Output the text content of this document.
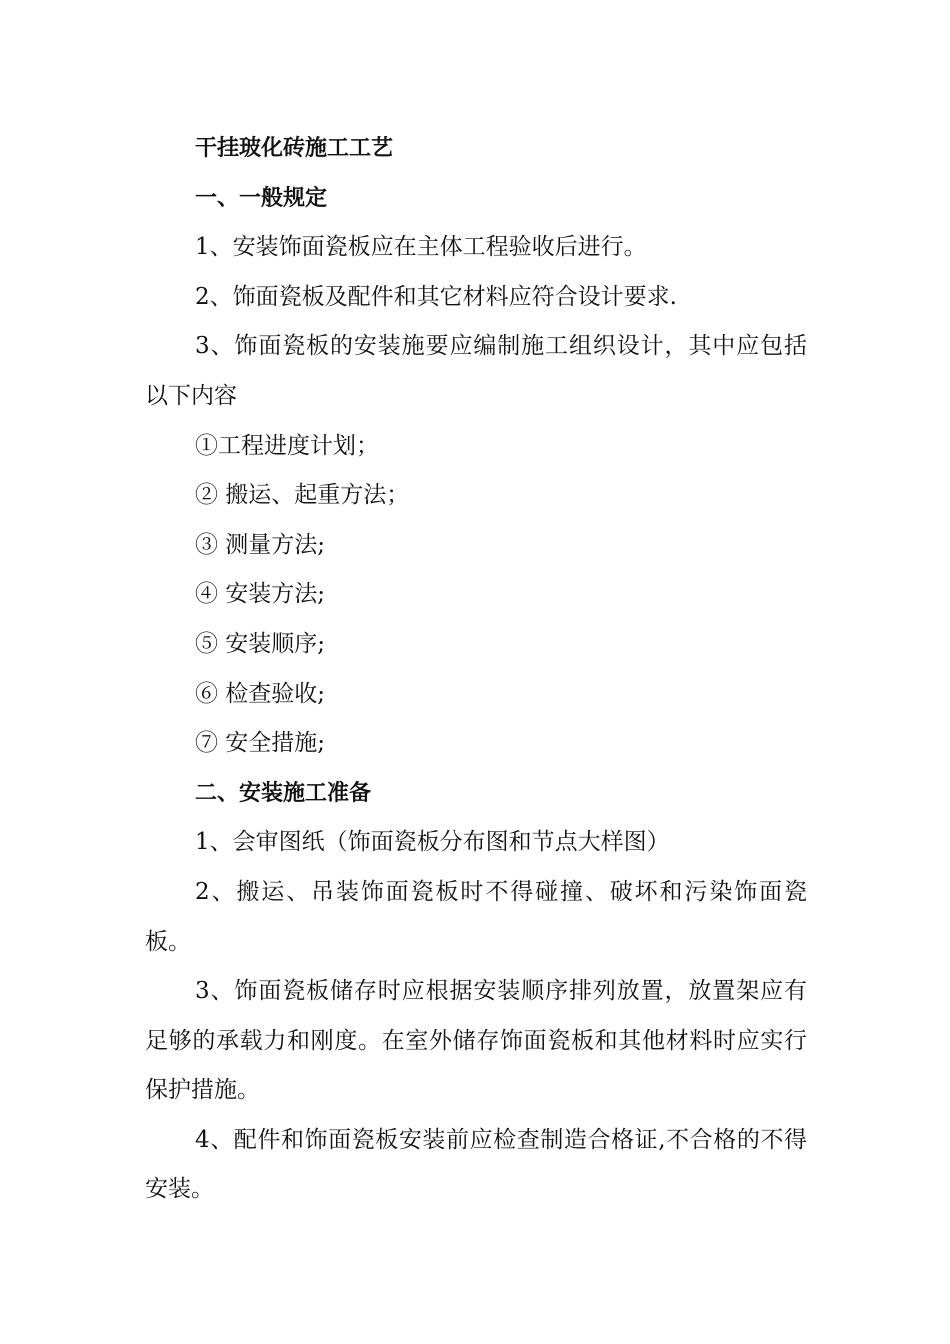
干挂玻化砖施工工艺

一、一般规定

1、安装饰面瓷板应在主体工程验收后进行。

2、饰面瓷板及配件和其它材料应符合设计要求.

3、饰面瓷板的安装施要应编制施工组织设计，其中应包括以下内容

①工程进度计划；

② 搬运、起重方法；

③ 测量方法;

④ 安装方法;

⑤ 安装顺序;

⑥ 检查验收;

⑦ 安全措施;

二、安装施工准备

1、会审图纸（饰面瓷板分布图和节点大样图）

2、搬运、吊装饰面瓷板时不得碰撞、破坏和污染饰面瓷板。

3、饰面瓷板储存时应根据安装顺序排列放置，放置架应有足够的承载力和刚度。在室外储存饰面瓷板和其他材料时应实行保护措施。

4、配件和饰面瓷板安装前应检查制造合格证,不合格的不得安装。
